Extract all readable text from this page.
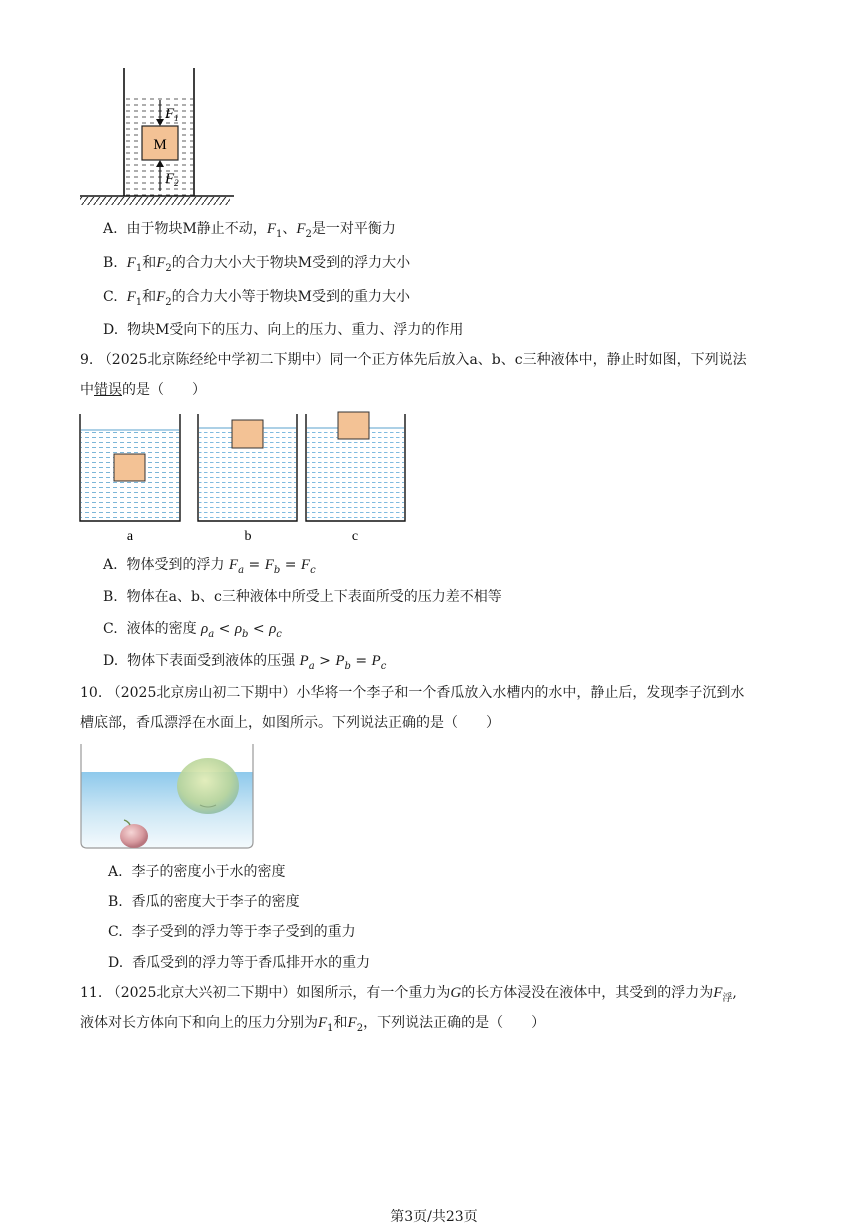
M
$F_1$
$F_2$
A. 由于物块M静止不动，$F_1$、$F_2$是一对平衡力
B. $F_1$和$F_2$的合力大小大于物块M受到的浮力大小
C. $F_1$和$F_2$的合力大小等于物块M受到的重力大小
D. 物块M受向下的压力、向上的压力、重力、浮力的作用
9. （2025北京陈经纶中学初二下期中）同一个正方体先后放入a、b、c三种液体中，静止时如图，下列说法
中错误的是（　　）
a	b	c
A. 物体受到的浮力 $F_a = F_b = F_c$
B. 物体在a、b、c三种液体中所受上下表面所受的压力差不相等
C. 液体的密度 $\rho_a < \rho_b < \rho_c$
D. 物体下表面受到液体的压强 $P_a > P_b = P_c$
10. （2025北京房山初二下期中）小华将一个李子和一个香瓜放入水槽内的水中，静止后，发现李子沉到水
槽底部，香瓜漂浮在水面上，如图所示。下列说法正确的是（　　）
A. 李子的密度小于水的密度
B. 香瓜的密度大于李子的密度
C. 李子受到的浮力等于李子受到的重力
D. 香瓜受到的浮力等于香瓜排开水的重力
11. （2025北京大兴初二下期中）如图所示，有一个重力为G的长方体浸没在液体中，其受到的浮力为$F_浮$,
液体对长方体向下和向上的压力分别为$F_1$和$F_2$，下列说法正确的是（　　）
第3页/共23页
